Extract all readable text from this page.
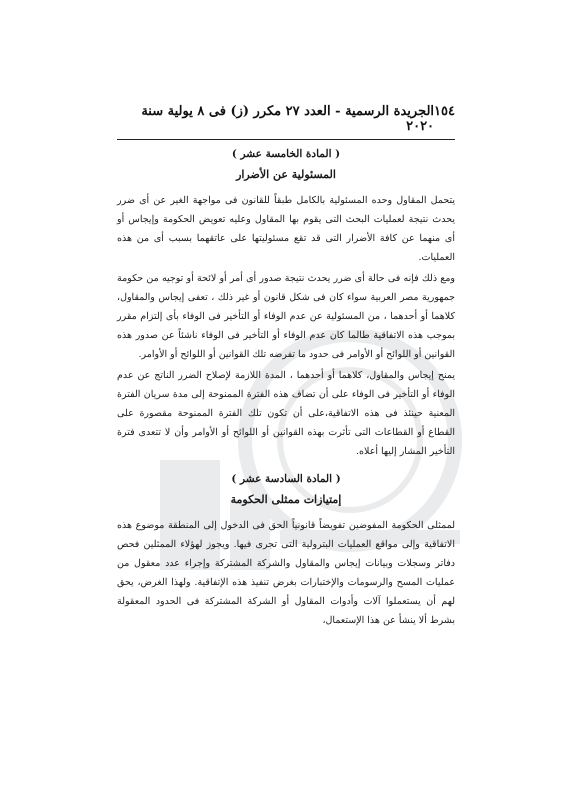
١٥٤
الجريدة الرسمية - العدد ٢٧ مكرر (ز) فى ٨ يولية سنة ٢٠٢٠
( المادة الخامسة عشر )
المسئولية عن الأضرار

يتحمل المقاول وحده المسئولية بالكامل طبقاً للقانون فى مواجهة الغير عن أى ضرر يحدث نتيجة لعمليات البحث التى يقوم بها المقاول وعليه تعويض الحكومة وإيجاس أو أى منهما عن كافة الأضرار التى قد تقع مسئوليتها على عاتقهما بسبب أى من هذه العمليات.

ومع ذلك فإنه فى حالة أى ضرر يحدث نتيجة صدور أى أمر أو لائحة أو توجيه من حكومة جمهورية مصر العربية سواء كان فى شكل قانون أو غير ذلك ، تعفى إيجاس والمقاول، كلاهما أو أحدهما ، من المسئولية عن عدم الوفاء أو التأخير فى الوفاء بأى إلتزام مقرر بموجب هذه الاتفاقية طالما كان عدم الوفاء أو التأخير فى الوفاء ناشئاً عن صدور هذه القوانين أو اللوائح أو الأوامر فى حدود ما تفرضه تلك القوانين أو اللوائح أو الأوامر.

يمنح إيجاس والمقاول، كلاهما أو أحدهما ، المدة اللازمة لإصلاح الضرر الناتج عن عدم الوفاء أو التأخير فى الوفاء على أن تضاف هذه الفترة الممنوحة إلى مدة سريان الفترة المعنية حينئذ فى هذه الاتفاقية،على أن تكون تلك الفترة الممنوحة مقصورة على القطاع أو القطاعات التى تأثرت بهذه القوانين أو اللوائح أو الأوامر وأن لا تتعدى فترة التأخير المشار إليها أعلاه.

( المادة السادسة عشر )
إمتيازات ممثلى الحكومة

لممثلى الحكومة المفوضين تفويضاً قانونياً الحق فى الدخول إلى المنطقة موضوع هذه الاتفاقية وإلى مواقع العمليات البترولية التى تجرى فيها. ويجوز لهؤلاء الممثلين فحص دفاتر وسجلات وبيانات إيجاس والمقاول والشركة المشتركة وإجراء عدد معقول من عمليات المسح والرسومات والإختبارات بغرض تنفيذ هذه الإتفاقية. ولهذا الغرض، يحق لهم أن يستعملوا آلات وأدوات المقاول أو الشركة المشتركة فى الحدود المعقولة بشرط ألا ينشأ عن هذا الإستعمال،
